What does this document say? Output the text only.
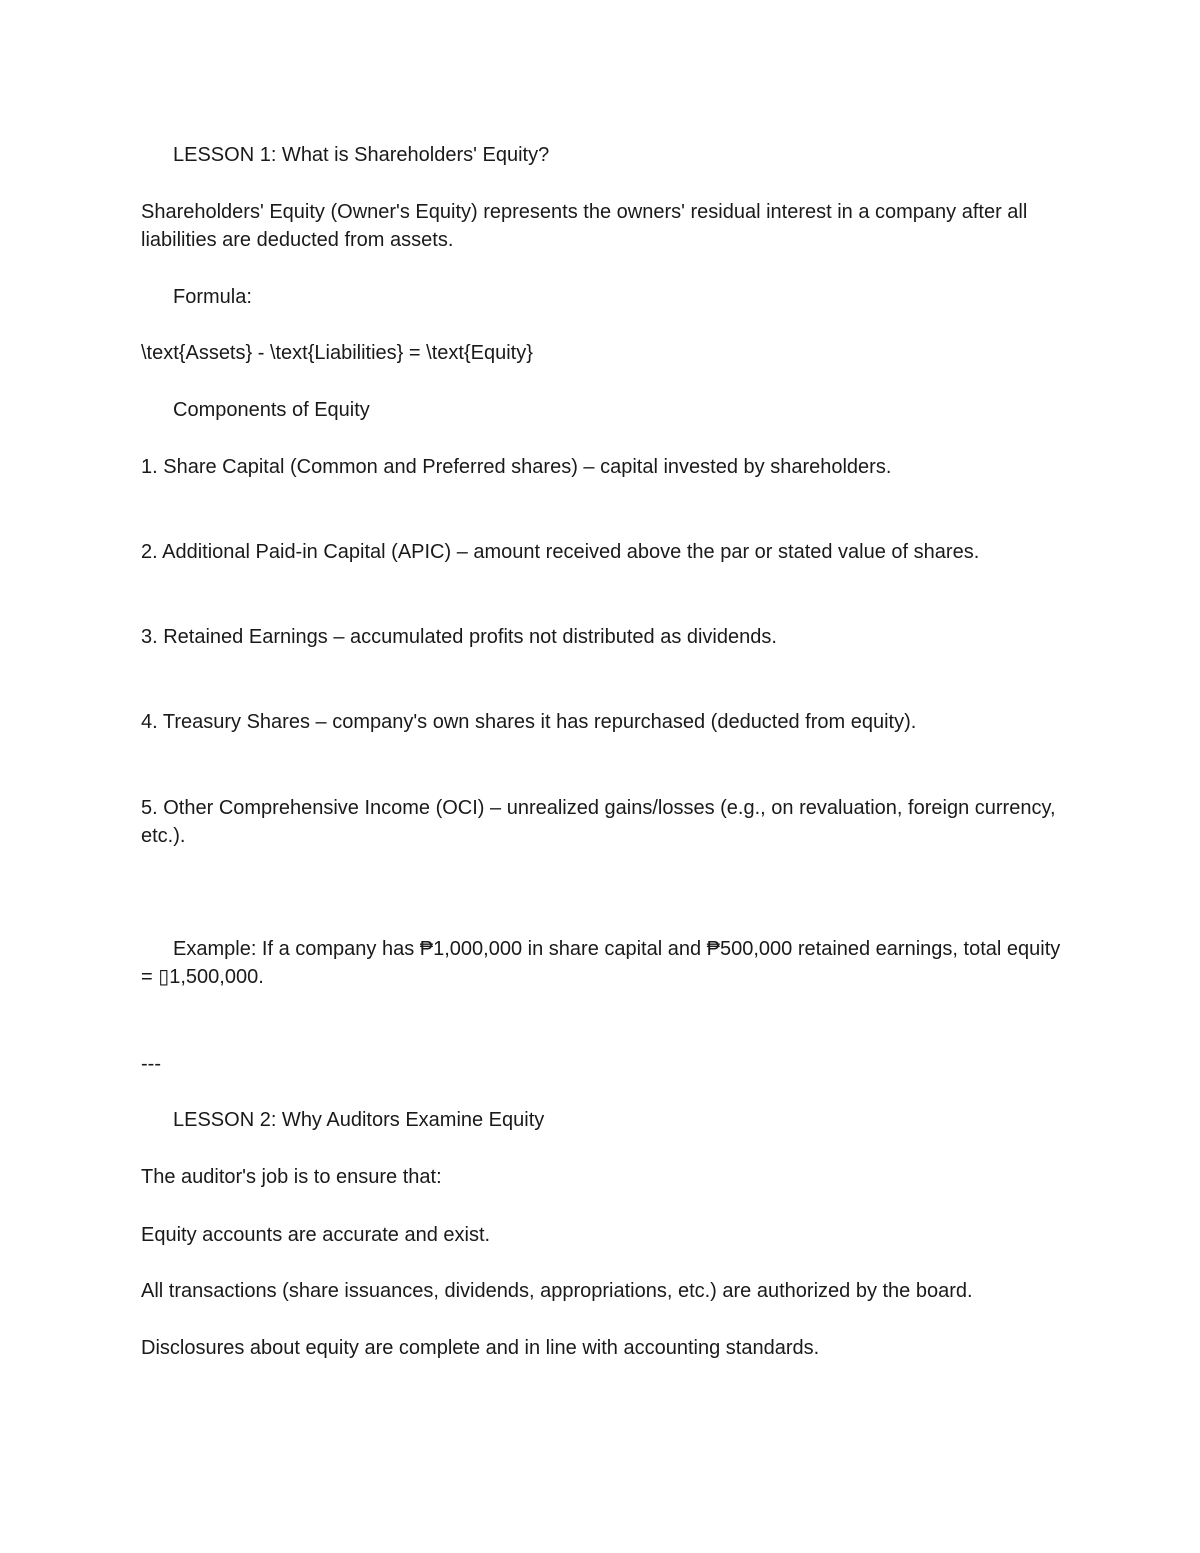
LESSON 1: What is Shareholders' Equity?

Shareholders' Equity (Owner's Equity) represents the owners' residual interest in a company after all liabilities are deducted from assets.

Formula:

\text{Assets} - \text{Liabilities} = \text{Equity}

Components of Equity

1. Share Capital (Common and Preferred shares) – capital invested by shareholders.

2. Additional Paid-in Capital (APIC) – amount received above the par or stated value of shares.

3. Retained Earnings – accumulated profits not distributed as dividends.

4. Treasury Shares – company's own shares it has repurchased (deducted from equity).

5. Other Comprehensive Income (OCI) – unrealized gains/losses (e.g., on revaluation, foreign currency, etc.).

Example: If a company has ₱1,000,000 in share capital and ₱500,000 retained earnings, total equity = ▯1,500,000.

---

LESSON 2: Why Auditors Examine Equity

The auditor's job is to ensure that:

Equity accounts are accurate and exist.

All transactions (share issuances, dividends, appropriations, etc.) are authorized by the board.

Disclosures about equity are complete and in line with accounting standards.
